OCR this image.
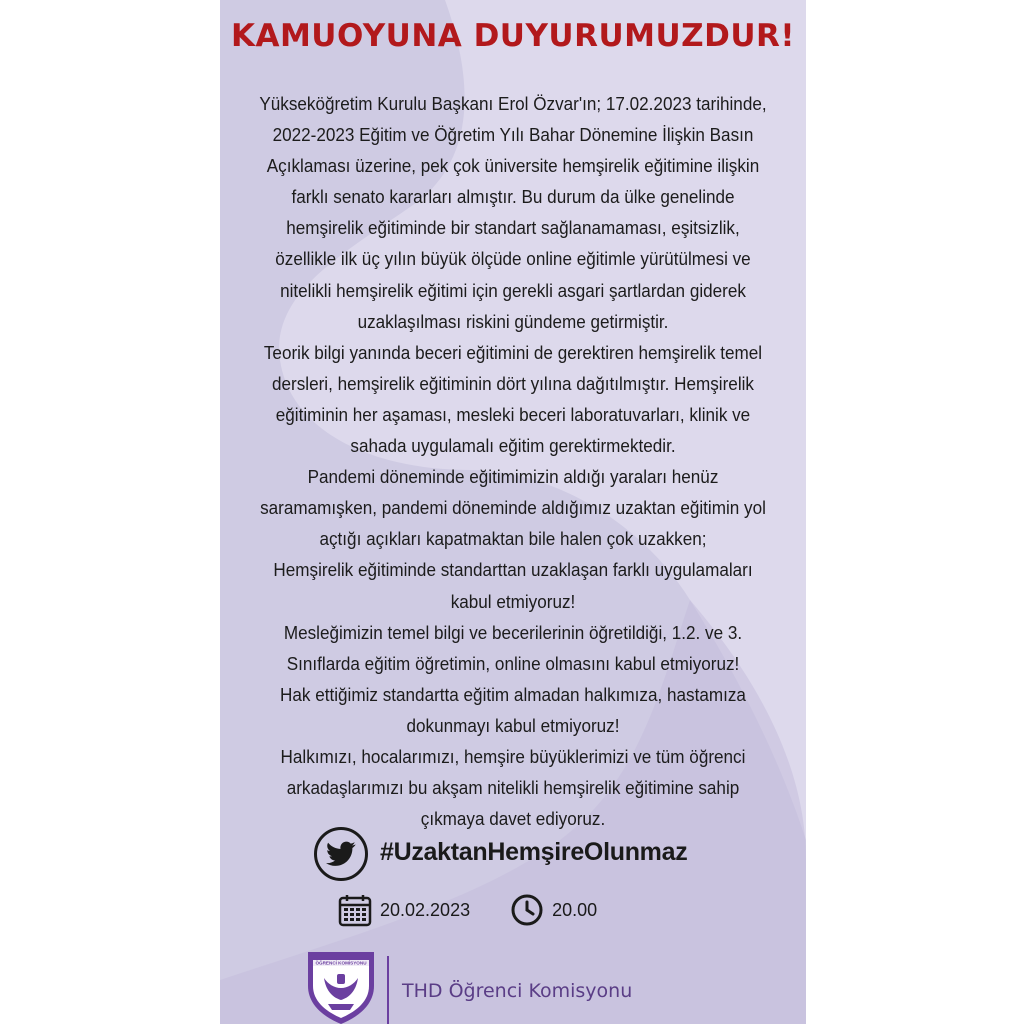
KAMUOYUNA DUYURUMUZDUR!

Yükseköğretim Kurulu Başkanı Erol Özvar'ın; 17.02.2023 tarihinde, 2022-2023 Eğitim ve Öğretim Yılı Bahar Dönemine İlişkin Basın Açıklaması üzerine, pek çok üniversite hemşirelik eğitimine ilişkin farklı senato kararları almıştır. Bu durum da ülke genelinde hemşirelik eğitiminde bir standart sağlanamaması, eşitsizlik, özellikle ilk üç yılın büyük ölçüde online eğitimle yürütülmesi ve nitelikli hemşirelik eğitimi için gerekli asgari şartlardan giderek uzaklaşılması riskini gündeme getirmiştir.

Teorik bilgi yanında beceri eğitimini de gerektiren hemşirelik temel dersleri, hemşirelik eğitiminin dört yılına dağıtılmıştır. Hemşirelik eğitiminin her aşaması, mesleki beceri laboratuvarları, klinik ve sahada uygulamalı eğitim gerektirmektedir.

Pandemi döneminde eğitimimizin aldığı yaraları henüz saramamışken, pandemi döneminde aldığımız uzaktan eğitimin yol açtığı açıkları kapatmaktan bile halen çok uzakken;

Hemşirelik eğitiminde standarttan uzaklaşan farklı uygulamaları kabul etmiyoruz!

Mesleğimizin temel bilgi ve becerilerinin öğretildiği, 1.2. ve 3. Sınıflarda eğitim öğretimin, online olmasını kabul etmiyoruz!

Hak ettiğimiz standartta eğitim almadan halkımıza, hastamıza dokunmayı kabul etmiyoruz!

Halkımızı, hocalarımızı, hemşire büyüklerimizi ve tüm öğrenci arkadaşlarımızı bu akşam nitelikli hemşirelik eğitimine sahip çıkmaya davet ediyoruz.

#UzaktanHemşireOlunmaz
20.02.2023	20.00
ÖĞRENCİ KOMİSYONU
THD Öğrenci Komisyonu
